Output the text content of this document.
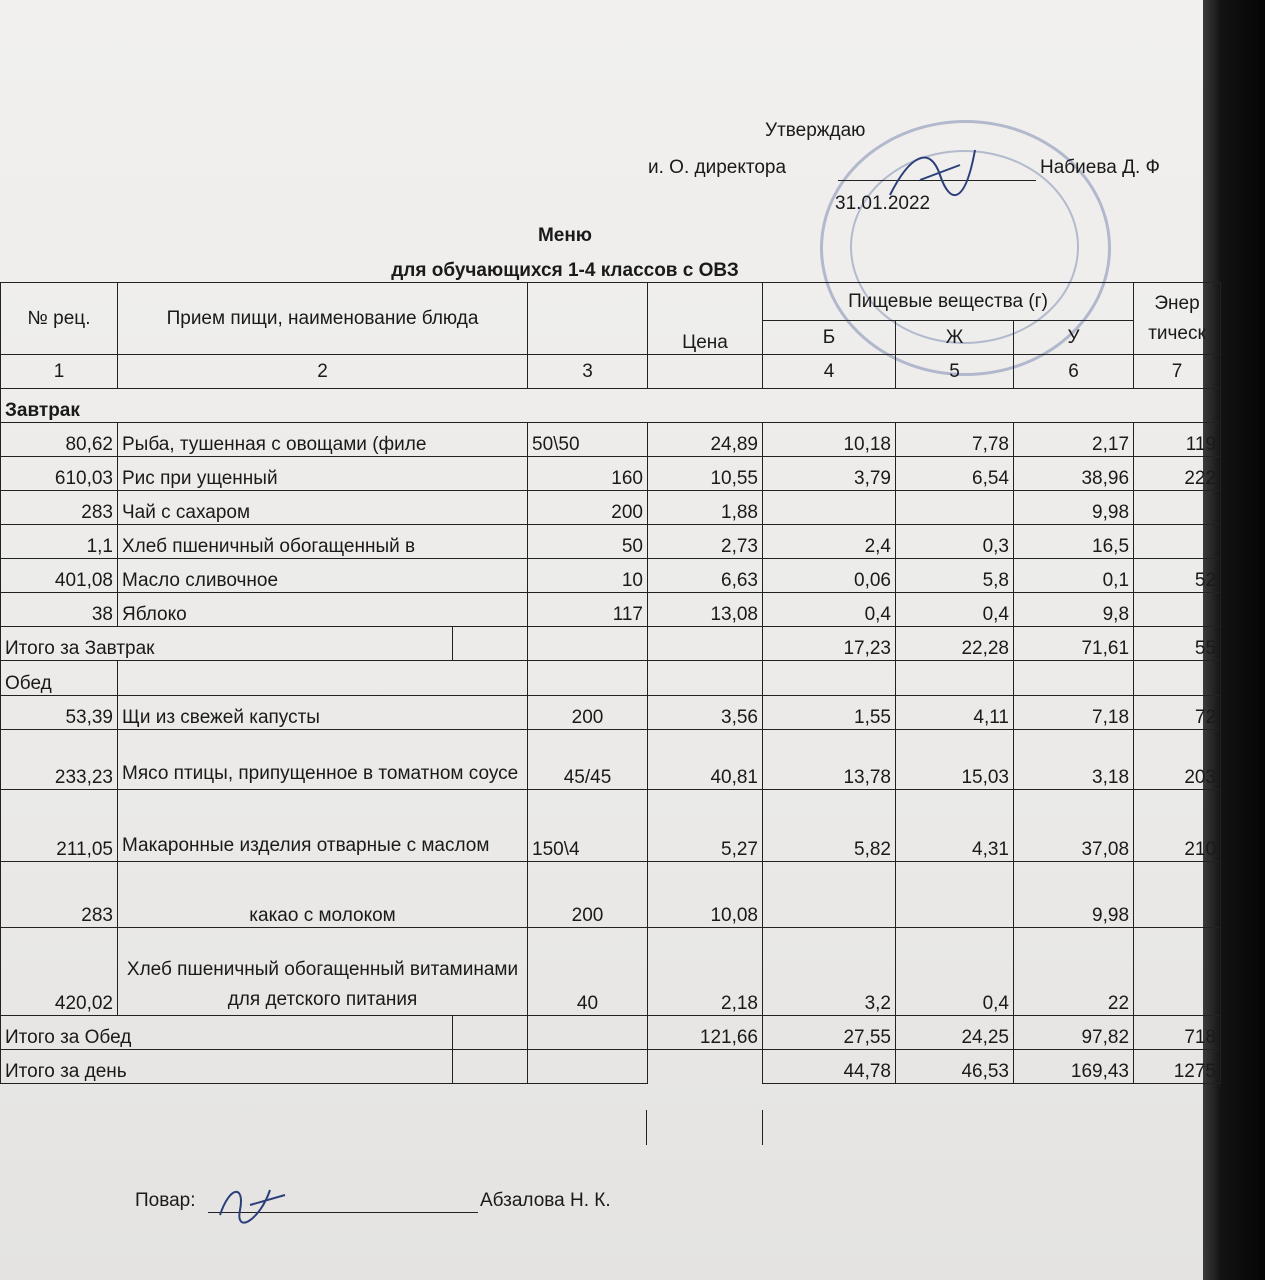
Утверждаю
и. О. директора	Набиева Д. Ф
31.01.2022
Меню
для обучающихся 1-4 классов с ОВЗ
№ рец.	Прием пищи, наименование блюда			Цена	Пищевые вещества (г)			Энер тическ
					Б	Ж	У	
1	2		3		4	5	6	7
Завтрак								
80,62	Рыба, тушенная с овощами (филе		50\50	24,89	10,18	7,78	2,17	119
610,03	Рис при ущенный		160	10,55	3,79	6,54	38,96	222
283	Чай с сахаром		200	1,88			9,98	
1,1	Хлеб пшеничный обогащенный в		50	2,73	2,4	0,3	16,5	
401,08	Масло сливочное		10	6,63	0,06	5,8	0,1	52
38	Яблоко		117	13,08	0,4	0,4	9,8	
Итого за Завтрак					17,23	22,28	71,61	55
Обед								
53,39	Щи из свежей капусты		200	3,56	1,55	4,11	7,18	72
233,23	Мясо птицы, припущенное в томатном соусе		45/45	40,81	13,78	15,03	3,18	203
211,05	Макаронные изделия отварные с маслом		150\4	5,27	5,82	4,31	37,08	210
283	какао с молоком		200	10,08			9,98	
420,02	Хлеб пшеничный обогащенный витаминами для детского питания		40	2,18	3,2	0,4	22	
Итого за Обед				121,66	27,55	24,25	97,82	718
Итого за день					44,78	46,53	169,43	1275
Повар:	Абзалова Н. К.
